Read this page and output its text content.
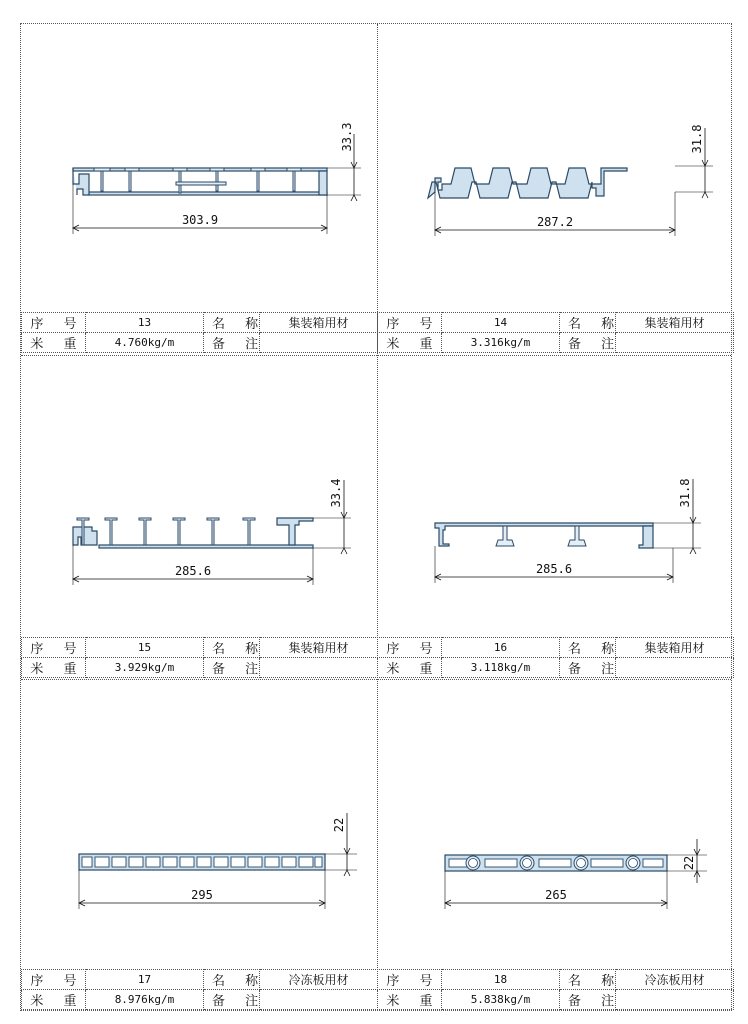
33.3
303.9
序 号	13	名 称	集装箱用材
米 重	4.760kg/m	备 注	
31.8
287.2
序 号	14	名 称	集装箱用材
米 重	3.316kg/m	备 注	
33.4
285.6
序 号	15	名 称	集装箱用材
米 重	3.929kg/m	备 注	
31.8
285.6
序 号	16	名 称	集装箱用材
米 重	3.118kg/m	备 注	
22
295
序 号	17	名 称	冷冻板用材
米 重	8.976kg/m	备 注	
22
265
序 号	18	名 称	冷冻板用材
米 重	5.838kg/m	备 注	
